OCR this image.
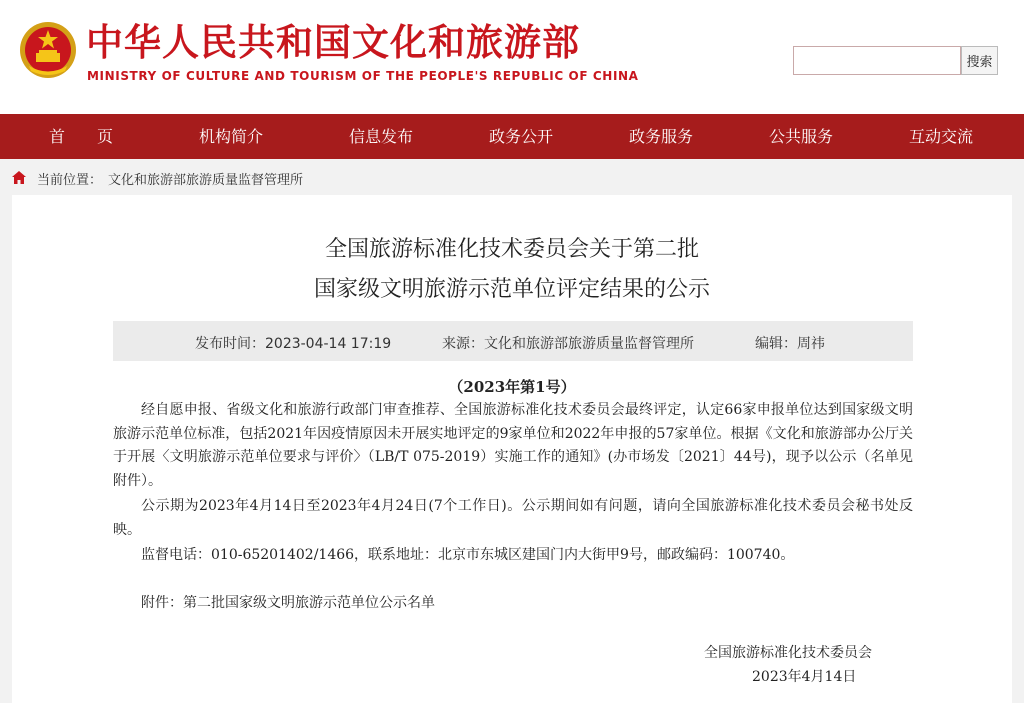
中华人民共和国文化和旅游部
MINISTRY OF CULTURE AND TOURISM OF THE PEOPLE'S REPUBLIC OF CHINA
搜索
首　　页	机构简介	信息发布	政务公开	政务服务	公共服务	互动交流
当前位置： 文化和旅游部旅游质量监督管理所
全国旅游标准化技术委员会关于第二批
国家级文明旅游示范单位评定结果的公示
发布时间：2023-04-14 17:19	来源：文化和旅游部旅游质量监督管理所	编辑：周祎
（2023年第1号）

经自愿申报、省级文化和旅游行政部门审查推荐、全国旅游标准化技术委员会最终评定，认定66家申报单位达到国家级文明旅游示范单位标准，包括2021年因疫情原因未开展实地评定的9家单位和2022年申报的57家单位。根据《文化和旅游部办公厅关于开展〈文明旅游示范单位要求与评价〉（LB/T 075-2019）实施工作的通知》(办市场发〔2021〕44号)，现予以公示（名单见附件）。

公示期为2023年4月14日至2023年4月24日(7个工作日)。公示期间如有问题，请向全国旅游标准化技术委员会秘书处反映。

监督电话：010-65201402/1466，联系地址：北京市东城区建国门内大街甲9号，邮政编码：100740。

附件：第二批国家级文明旅游示范单位公示名单

全国旅游标准化技术委员会
2023年4月14日
